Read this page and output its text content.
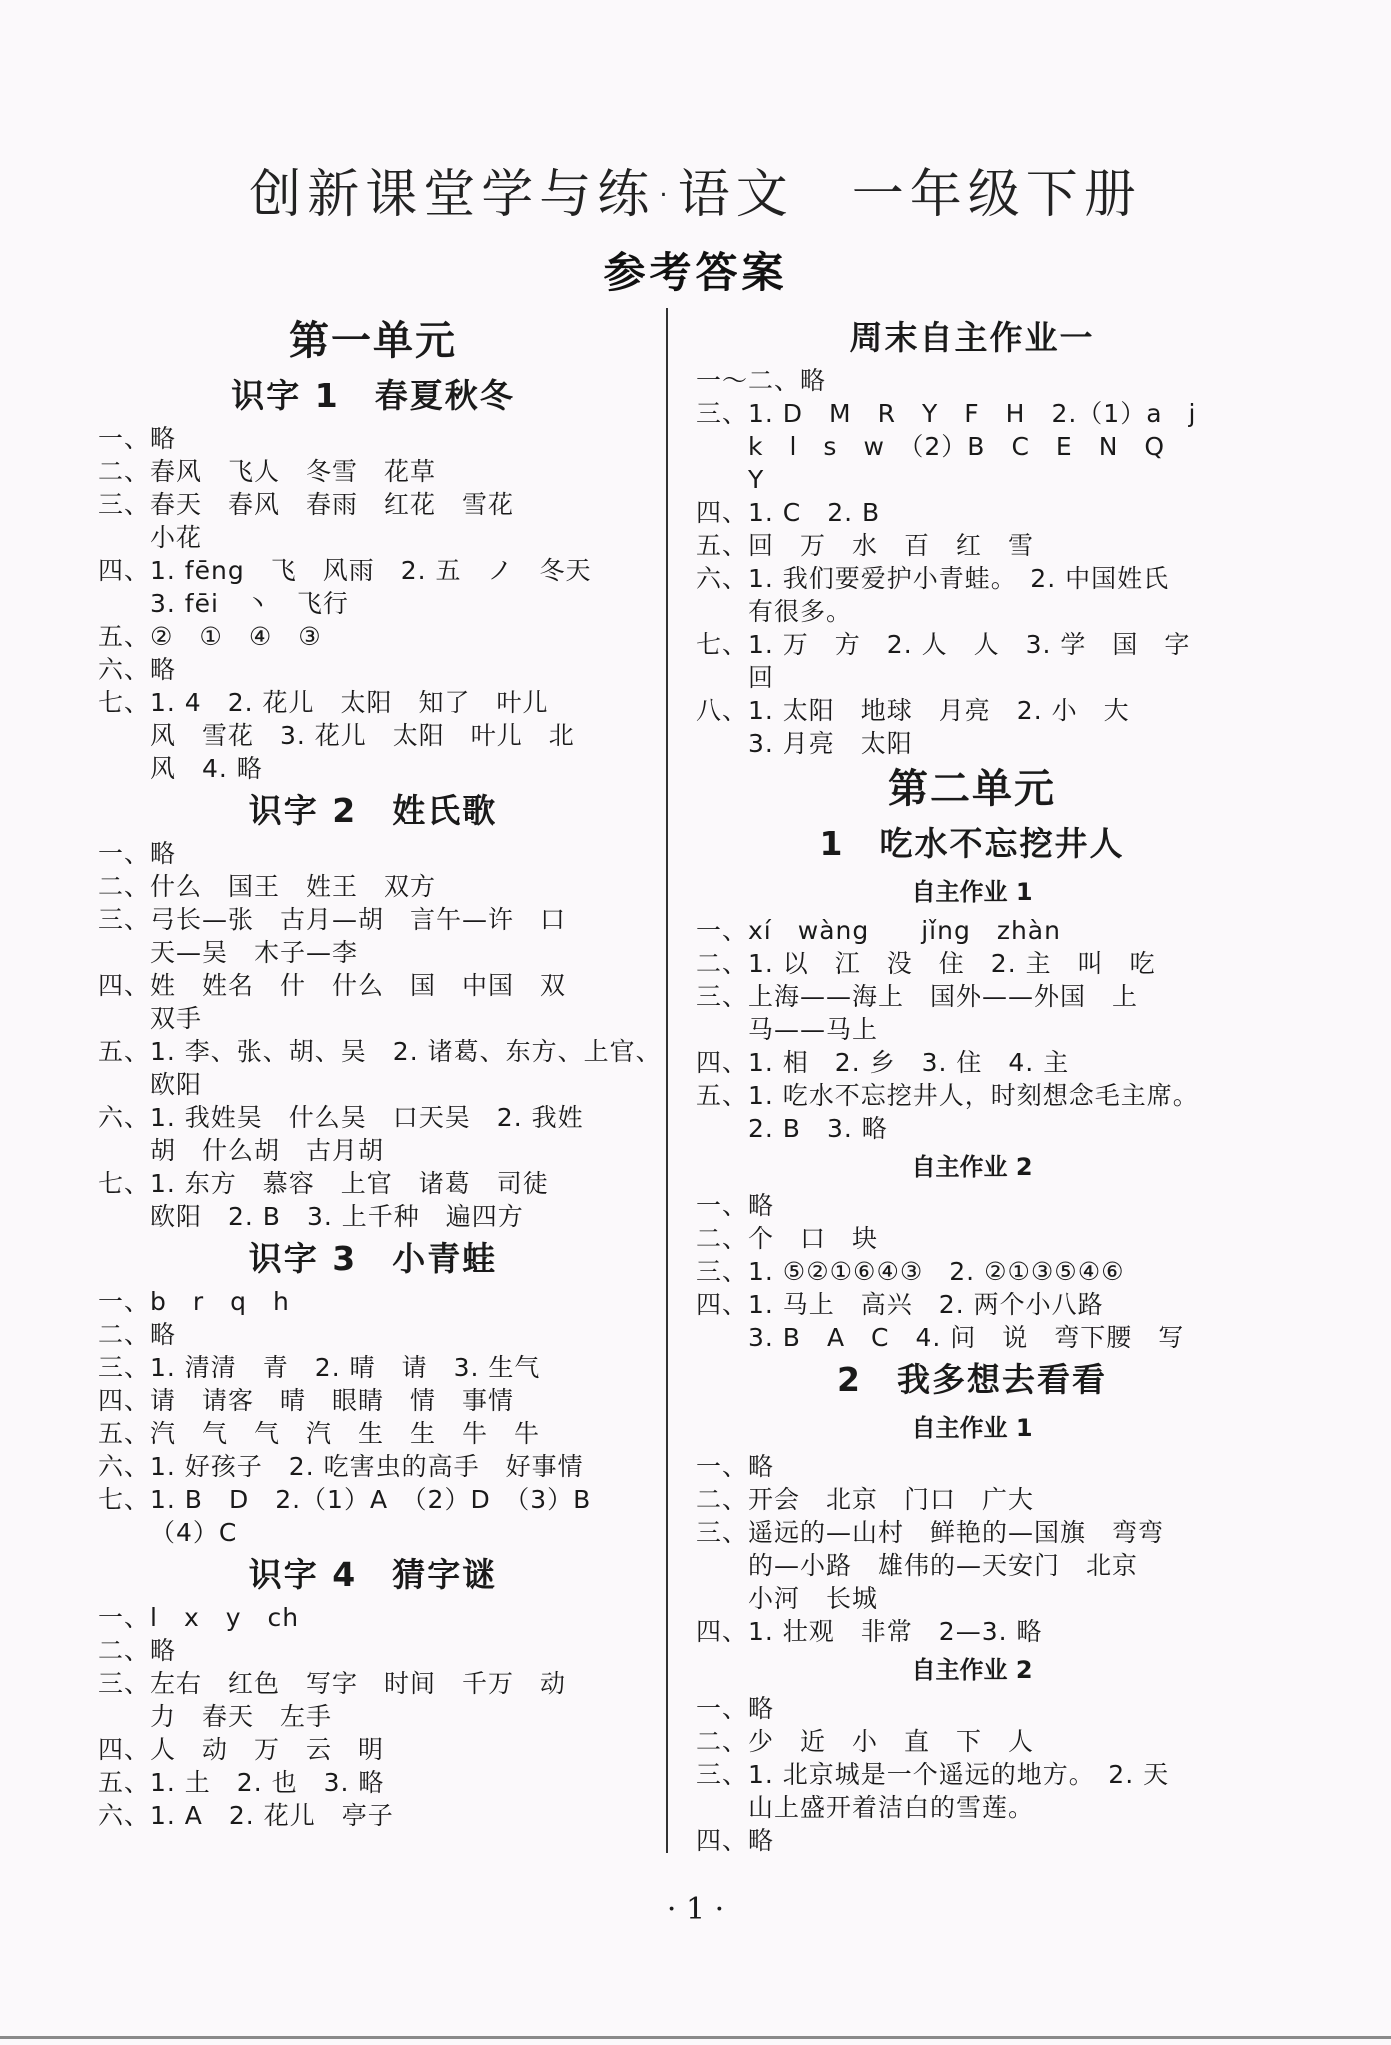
创新课堂学与练·语文　一年级下册
参考答案
第一单元
识字 1　春夏秋冬
一、略
二、春风　飞人　冬雪　花草
三、春天　春风　春雨　红花　雪花
小花
四、1. fēng　飞　风雨　2. 五　ノ　冬天
3. fēi　丶　飞行
五、②　①　④　③
六、略
七、1. 4　2. 花儿　太阳　知了　叶儿
风　雪花　3. 花儿　太阳　叶儿　北
风　4. 略
识字 2　姓氏歌
一、略
二、什么　国王　姓王　双方
三、弓长—张　古月—胡　言午—许　口
天—吴　木子—李
四、姓　姓名　什　什么　国　中国　双
双手
五、1. 李、张、胡、吴　2. 诸葛、东方、上官、
欧阳
六、1. 我姓吴　什么吴　口天吴　2. 我姓
胡　什么胡　古月胡
七、1. 东方　慕容　上官　诸葛　司徒
欧阳　2. B　3. 上千种　遍四方
识字 3　小青蛙
一、b　r　q　h
二、略
三、1. 清清　青　2. 晴　请　3. 生气
四、请　请客　晴　眼睛　情　事情
五、汽　气　气　汽　生　生　牛　牛
六、1. 好孩子　2. 吃害虫的高手　好事情
七、1. B　D　2.（1）A　（2）D　（3）B
（4）C
识字 4　猜字谜
一、l　x　y　ch
二、略
三、左右　红色　写字　时间　千万　动
力　春天　左手
四、人　动　万　云　明
五、1. 土　2. 也　3. 略
六、1. A　2. 花儿　亭子
周末自主作业一
一～二、略
三、1. D　M　R　Y　F　H　2.（1）a　j
k　l　s　w　（2）B　C　E　N　Q
Y
四、1. C　2. B
五、回　万　水　百　红　雪
六、1. 我们要爱护小青蛙。　2. 中国姓氏
有很多。
七、1. 万　方　2. 人　人　3. 学　国　字
回
八、1. 太阳　地球　月亮　2. 小　大
3. 月亮　太阳
第二单元
1　吃水不忘挖井人
自主作业 1
一、xí　wàng　　jǐng　zhàn
二、1. 以　江　没　住　2. 主　叫　吃
三、上海——海上　国外——外国　上
马——马上
四、1. 相　2. 乡　3. 住　4. 主
五、1. 吃水不忘挖井人，时刻想念毛主席。
2. B　3. 略
自主作业 2
一、略
二、个　口　块
三、1. ⑤②①⑥④③　2. ②①③⑤④⑥
四、1. 马上　高兴　2. 两个小八路
3. B　A　C　4. 问　说　弯下腰　写
2　我多想去看看
自主作业 1
一、略
二、开会　北京　门口　广大
三、遥远的—山村　鲜艳的—国旗　弯弯
的—小路　雄伟的—天安门　北京
小河　长城
四、1. 壮观　非常　2—3. 略
自主作业 2
一、略
二、少　近　小　直　下　人
三、1. 北京城是一个遥远的地方。　2. 天
山上盛开着洁白的雪莲。
四、略
· 1 ·
